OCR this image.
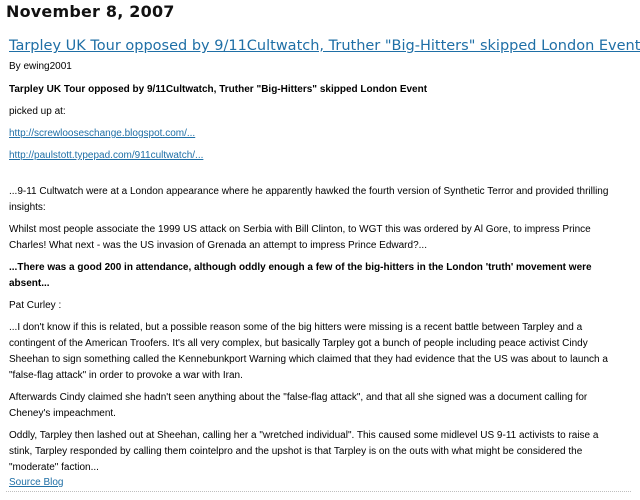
November 8, 2007
Tarpley UK Tour opposed by 9/11Cultwatch, Truther "Big-Hitters" skipped London Event
By ewing2001

Tarpley UK Tour opposed by 9/11Cultwatch, Truther "Big-Hitters" skipped London Event

picked up at:

http://screwlooseschange.blogspot.com/...

http://paulstott.typepad.com/911cultwatch/...

...9-11 Cultwatch were at a London appearance where he apparently hawked the fourth version of Synthetic Terror and provided thrilling insights:

Whilst most people associate the 1999 US attack on Serbia with Bill Clinton, to WGT this was ordered by Al Gore, to impress Prince Charles! What next - was the US invasion of Grenada an attempt to impress Prince Edward?...

...There was a good 200 in attendance, although oddly enough a few of the big-hitters in the London 'truth' movement were absent...

Pat Curley :

...I don't know if this is related, but a possible reason some of the big hitters were missing is a recent battle between Tarpley and a contingent of the American Troofers. It's all very complex, but basically Tarpley got a bunch of people including peace activist Cindy Sheehan to sign something called the Kennebunkport Warning which claimed that they had evidence that the US was about to launch a "false-flag attack" in order to provoke a war with Iran.

Afterwards Cindy claimed she hadn't seen anything about the "false-flag attack", and that all she signed was a document calling for Cheney's impeachment.

Oddly, Tarpley then lashed out at Sheehan, calling her a "wretched individual". This caused some midlevel US 9-11 activists to raise a stink, Tarpley responded by calling them cointelpro and the upshot is that Tarpley is on the outs with what might be considered the "moderate" faction...

Source Blog
